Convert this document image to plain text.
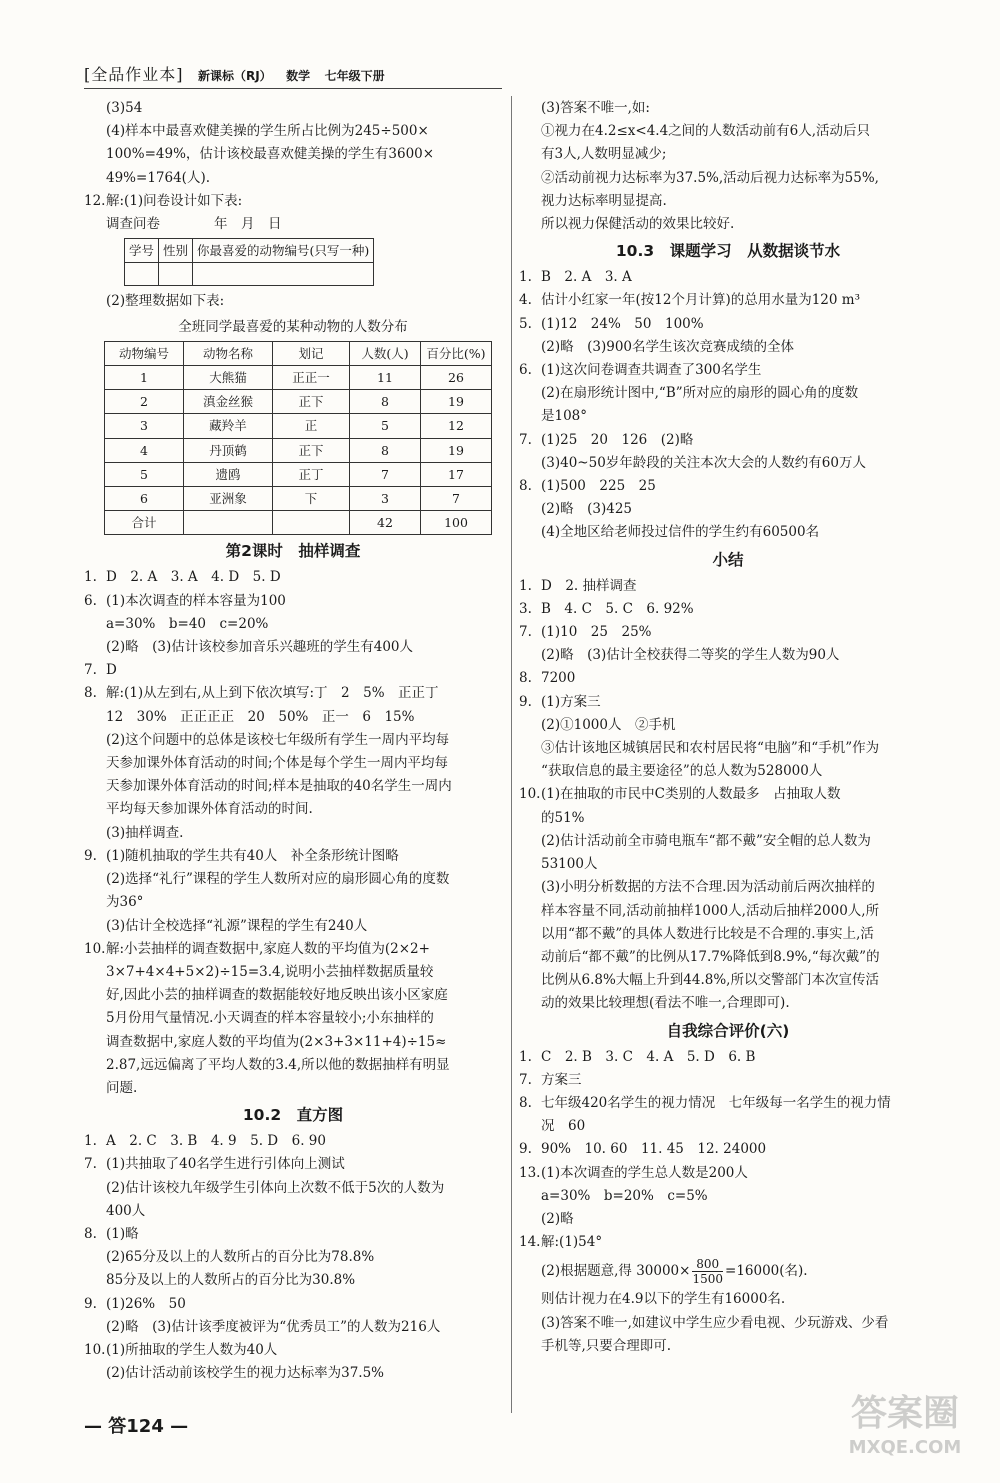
[全品作业本] 新课标（RJ） 数学 七年级下册
(3)54
(4)样本中最喜欢健美操的学生所占比例为245÷500×
100%=49%，估计该校最喜欢健美操的学生有3600×
49%=1764(人).
12.解:(1)问卷设计如下表:
调查问卷　　　　年　月　日
学号	性别	你最喜爱的动物编号(只写一种)

(2)整理数据如下表:
全班同学最喜爱的某种动物的人数分布
动物编号	动物名称	划记	人数(人)	百分比(%)
1	大熊猫	正正一	11	26
2	滇金丝猴	正下	8	19
3	藏羚羊	正	5	12
4	丹顶鹤	正下	8	19
5	遗鸥	正丁	7	17
6	亚洲象	下	3	7
合计			42	100
第2课时　抽样调查
1. D　2. A　3. A　4. D　5. D
6. (1)本次调查的样本容量为100
a=30%　b=40　c=20%
(2)略　(3)估计该校参加音乐兴趣班的学生有400人
7. D
8. 解:(1)从左到右,从上到下依次填写:丁　2　5%　正正丁
12　30%　正正正正　20　50%　正一　6　15%
(2)这个问题中的总体是该校七年级所有学生一周内平均每
天参加课外体育活动的时间;个体是每个学生一周内平均每
天参加课外体育活动的时间;样本是抽取的40名学生一周内
平均每天参加课外体育活动的时间.
(3)抽样调查.
9. (1)随机抽取的学生共有40人　补全条形统计图略
(2)选择“礼行”课程的学生人数所对应的扇形圆心角的度数
为36°
(3)估计全校选择“礼源”课程的学生有240人
10.解:小芸抽样的调查数据中,家庭人数的平均值为(2×2+
3×7+4×4+5×2)÷15=3.4,说明小芸抽样数据质量较
好,因此小芸的抽样调查的数据能较好地反映出该小区家庭
5月份用气量情况.小天调查的样本容量较小;小东抽样的
调查数据中,家庭人数的平均值为(2×3+3×11+4)÷15≈
2.87,远远偏离了平均人数的3.4,所以他的数据抽样有明显
问题.
10.2　直方图
1. A　2. C　3. B　4. 9　5. D　6. 90
7. (1)共抽取了40名学生进行引体向上测试
(2)估计该校九年级学生引体向上次数不低于5次的人数为
400人
8. (1)略
(2)65分及以上的人数所占的百分比为78.8%
85分及以上的人数所占的百分比为30.8%
9. (1)26%　50
(2)略　(3)估计该季度被评为“优秀员工”的人数为216人
10.(1)所抽取的学生人数为40人
(2)估计活动前该校学生的视力达标率为37.5%
(3)答案不唯一,如:
①视力在4.2≤x<4.4之间的人数活动前有6人,活动后只
有3人,人数明显减少;
②活动前视力达标率为37.5%,活动后视力达标率为55%,
视力达标率明显提高.
所以视力保健活动的效果比较好.
10.3　课题学习　从数据谈节水
1. B　2. A　3. A
4. 估计小红家一年(按12个月计算)的总用水量为120 m³
5. (1)12　24%　50　100%
(2)略　(3)900名学生该次竞赛成绩的全体
6. (1)这次问卷调查共调查了300名学生
(2)在扇形统计图中,“B”所对应的扇形的圆心角的度数
是108°
7. (1)25　20　126　(2)略
(3)40~50岁年龄段的关注本次大会的人数约有60万人
8. (1)500　225　25
(2)略　(3)425
(4)全地区给老师投过信件的学生约有60500名
小结
1. D　2. 抽样调查
3. B　4. C　5. C　6. 92%
7. (1)10　25　25%
(2)略　(3)估计全校获得二等奖的学生人数为90人
8. 7200
9. (1)方案三
(2)①1000人　②手机
③估计该地区城镇居民和农村居民将“电脑”和“手机”作为
“获取信息的最主要途径”的总人数为528000人
10.(1)在抽取的市民中C类别的人数最多　占抽取人数
的51%
(2)估计活动前全市骑电瓶车“都不戴”安全帽的总人数为
53100人
(3)小明分析数据的方法不合理.因为活动前后两次抽样的
样本容量不同,活动前抽样1000人,活动后抽样2000人,所
以用“都不戴”的具体人数进行比较是不合理的.事实上,活
动前后“都不戴”的比例从17.7%降低到8.9%,“每次戴”的
比例从6.8%大幅上升到44.8%,所以交警部门本次宣传活
动的效果比较理想(看法不唯一,合理即可).
自我综合评价(六)
1. C　2. B　3. C　4. A　5. D　6. B
7. 方案三
8. 七年级420名学生的视力情况　七年级每一名学生的视力情
况　60
9. 90%　10. 60　11. 45　12. 24000
13.(1)本次调查的学生总人数是200人
a=30%　b=20%　c=5%
(2)略
14.解:(1)54°
(2)根据题意,得 $30000\times \frac{800}{1500} =16000$(名).
则估计视力在4.9以下的学生有16000名.
(3)答案不唯一,如建议中学生应少看电视、少玩游戏、少看
手机等,只要合理即可.
— 答124 —	答案圈
MXQE.COM
